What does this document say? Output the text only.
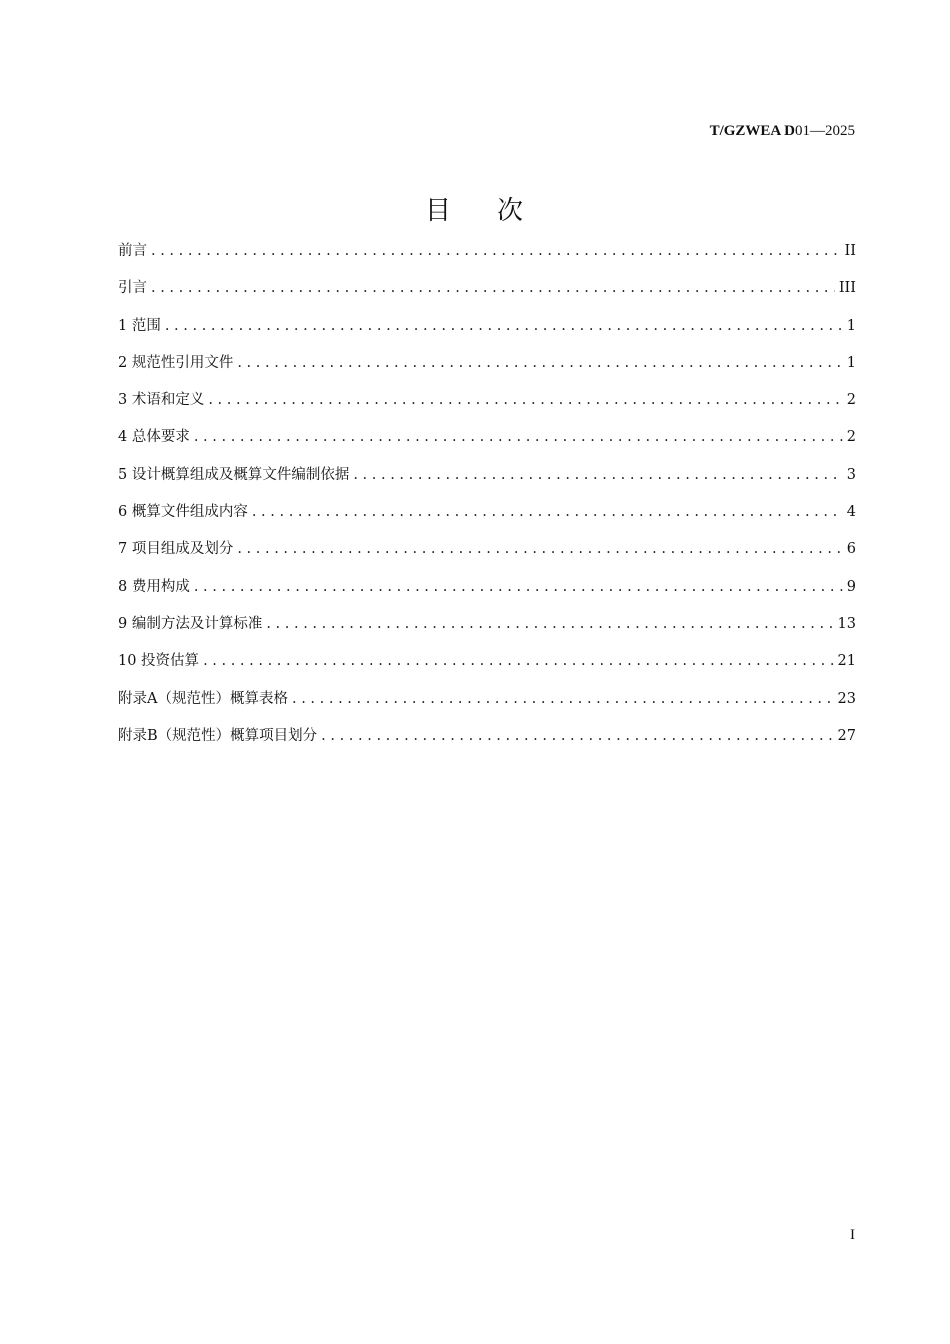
T/GZWEA D01—2025
目 次
前言 . . .	II
引言 . . .	III
1 范围 . . .	1
2 规范性引用文件 . . .	1
3 术语和定义 . . .	2
4 总体要求 . . .	2
5 设计概算组成及概算文件编制依据 . . .	3
6 概算文件组成内容 . . .	4
7 项目组成及划分 . . .	6
8 费用构成 . . .	9
9 编制方法及计算标准 . . .	13
10 投资估算 . . .	21
附录A（规范性）概算表格 . . .	23
附录B（规范性）概算项目划分 . . .	27
I
